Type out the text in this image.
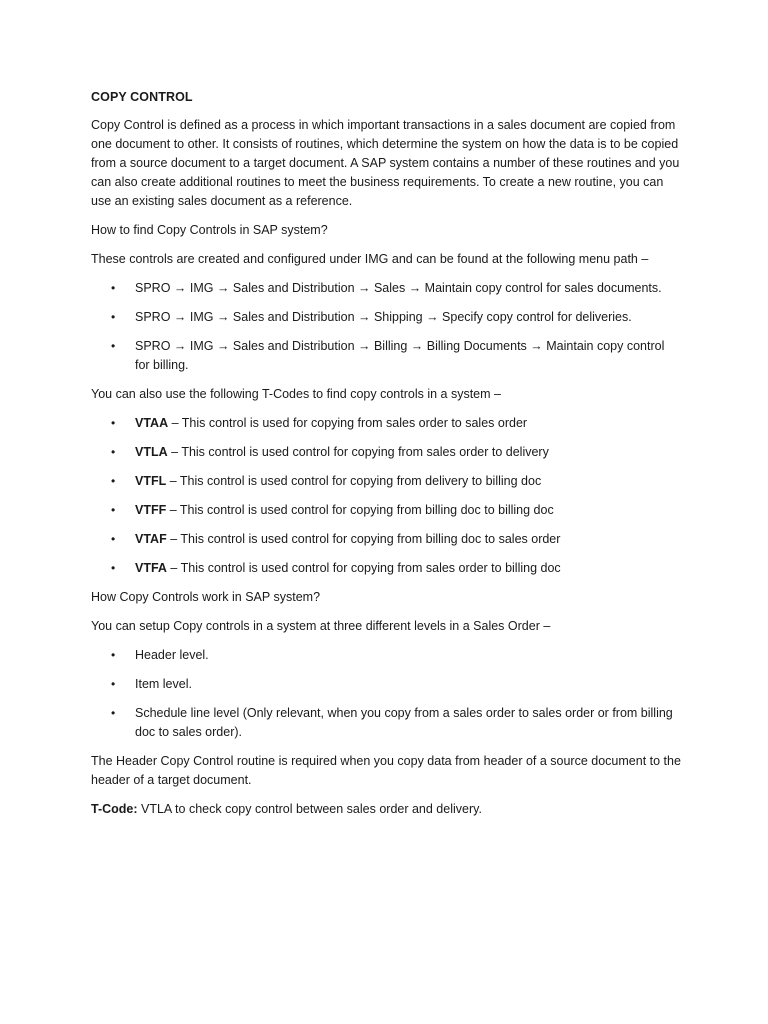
COPY CONTROL

Copy Control is defined as a process in which important transactions in a sales document are copied from one document to other. It consists of routines, which determine the system on how the data is to be copied from a source document to a target document. A SAP system contains a number of these routines and you can also create additional routines to meet the business requirements. To create a new routine, you can use an existing sales document as a reference.

How to find Copy Controls in SAP system?

These controls are created and configured under IMG and can be found at the following menu path –

• SPRO → IMG → Sales and Distribution → Sales → Maintain copy control for sales documents.
• SPRO → IMG → Sales and Distribution → Shipping → Specify copy control for deliveries.
• SPRO → IMG → Sales and Distribution → Billing → Billing Documents → Maintain copy control for billing.

You can also use the following T-Codes to find copy controls in a system –

• VTAA – This control is used for copying from sales order to sales order
• VTLA – This control is used control for copying from sales order to delivery
• VTFL – This control is used control for copying from delivery to billing doc
• VTFF – This control is used control for copying from billing doc to billing doc
• VTAF – This control is used control for copying from billing doc to sales order
• VTFA – This control is used control for copying from sales order to billing doc

How Copy Controls work in SAP system?

You can setup Copy controls in a system at three different levels in a Sales Order –

• Header level.
• Item level.
• Schedule line level (Only relevant, when you copy from a sales order to sales order or from billing doc to sales order).

The Header Copy Control routine is required when you copy data from header of a source document to the header of a target document.

T-Code: VTLA to check copy control between sales order and delivery.
